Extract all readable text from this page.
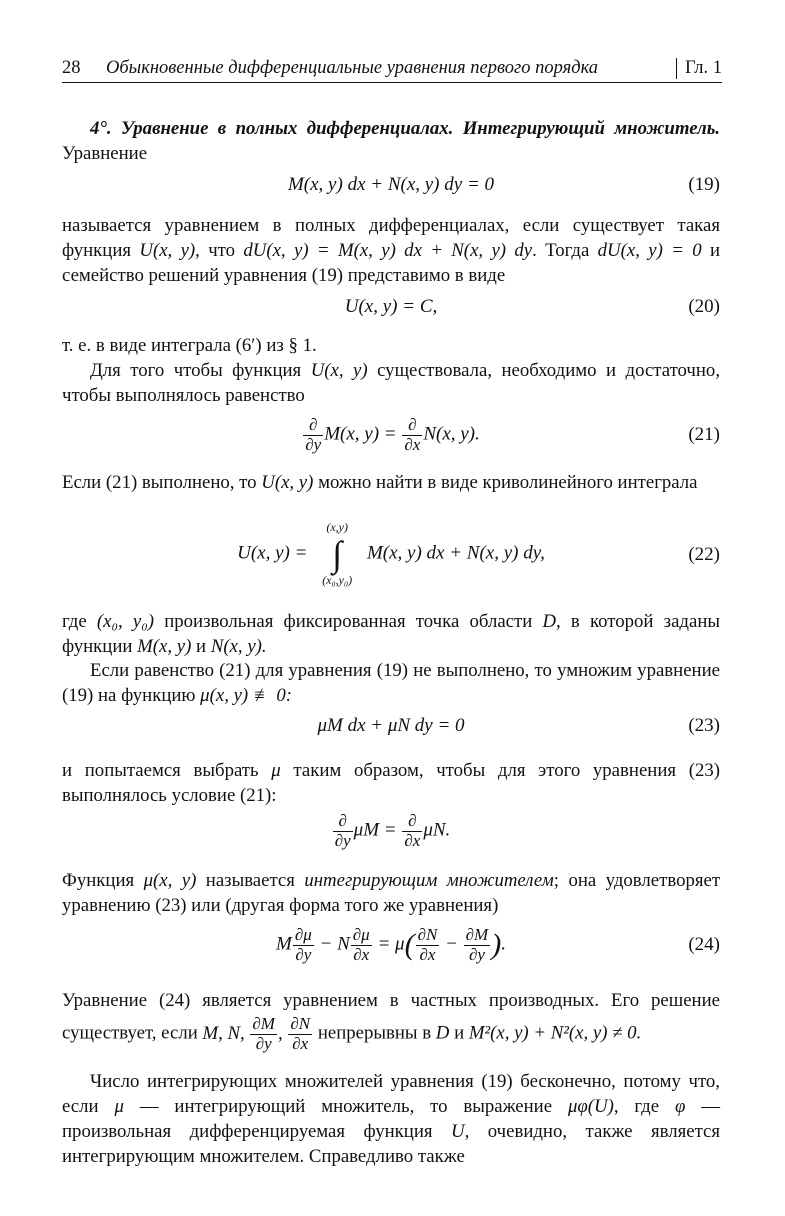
28 Обыкновенные дифференциальные уравнения первого порядка	Гл. 1
4°. Уравнение в полных дифференциалах. Интегрирующий множитель. Уравнение
M(x, y) dx + N(x, y) dy = 0	(19)
называется уравнением в полных дифференциалах, если существует такая функция U(x, y), что dU(x, y) = M(x, y) dx + N(x, y) dy. Тогда dU(x, y) = 0 и семейство решений уравнения (19) представимо в виде
U(x, y) = C,	(20)
т. е. в виде интеграла (6′) из § 1.
Для того чтобы функция U(x, y) существовала, необходимо и достаточно, чтобы выполнялось равенство
$\frac{\partial}{\partial y} M(x$, $y) = \frac{\partial}{\partial x} N(x$, y).	(21)
Если (21) выполнено, то U(x, y) можно найти в виде криволинейного интеграла
U(x, y) =
(x,y)
∫
(x₀,y₀)
M(x, y) dx + N(x, y) dy,	(22)
где (x₀, y₀) произвольная фиксированная точка области D, в которой заданы функции M(x, y) и N(x, y).
Если равенство (21) для уравнения (19) не выполнено, то умножим уравнение (19) на функцию μ(x, y) ≢ 0:
μM dx + μN dy = 0	(23)
и попытаемся выбрать μ таким образом, чтобы для этого уравнения (23) выполнялось условие (21):
$\frac{\partial}{\partial y}$ $\mu M = \frac{\partial}{\partial x} \mu N$.
Функция μ(x, y) называется интегрирующим множителем; она удовлетворяет уравнению (23) или (другая форма того же уравнения)
M $\frac{\partial\mu}{\partial y} - N \frac{\partial\mu}{\partial x} = \mu( \frac{\partial N}{\partial x} - \frac{\partial M}{\partial y}$ ).	(24)
Уравнение (24) является уравнением в частных производных. Его решение существует, если M, N, $\frac{\partial M}{\partial y}$ , $\frac{\partial N}{\partial x}$ непрерывны в D и M²(x, y) + N²(x, y) ≠ 0.
Число интегрирующих множителей уравнения (19) бесконечно, потому что, если μ — интегрирующий множитель, то выражение μφ(U), где φ — произвольная дифференцируемая функция U, очевидно, также является интегрирующим множителем. Справедливо также
